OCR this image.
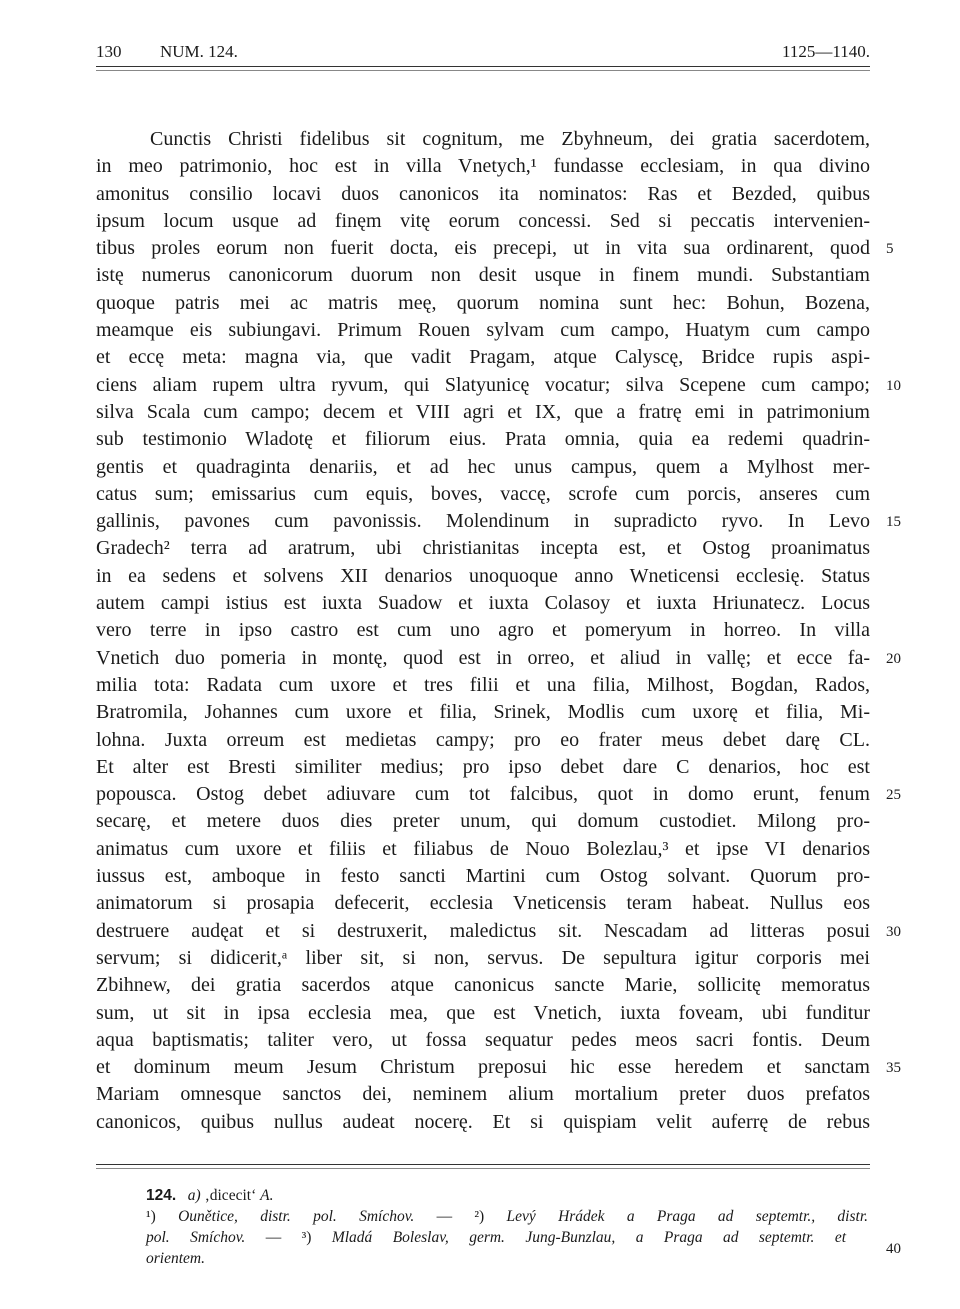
130 NUM. 124.	1125—1140.
Cunctis Christi fidelibus sit cognitum, me Zbyhneum, dei gratia sacerdotem,
in meo patrimonio, hoc est in villa Vnetych,¹ fundasse ecclesiam, in qua divino
amonitus consilio locavi duos canonicos ita nominatos: Ras et Bezded, quibus
ipsum locum usque ad finęm vitę eorum concessi. Sed si peccatis intervenien-
tibus proles eorum non fuerit docta, eis precepi, ut in vita sua ordinarent, quod
istę numerus canonicorum duorum non desit usque in finem mundi. Substantiam
quoque patris mei ac matris meę, quorum nomina sunt hec: Bohun, Bozena,
meamque eis subiungavi. Primum Rouen sylvam cum campo, Huatym cum campo
et eccę meta: magna via, que vadit Pragam, atque Calyscę, Bridce rupis aspi-
ciens aliam rupem ultra ryvum, qui Slatyunicę vocatur; silva Scepene cum campo;
silva Scala cum campo; decem et VIII agri et IX, que a fratrę emi in patrimonium
sub testimonio Wladotę et filiorum eius. Prata omnia, quia ea redemi quadrin-
gentis et quadraginta denariis, et ad hec unus campus, quem a Mylhost mer-
catus sum; emissarius cum equis, boves, vaccę, scrofe cum porcis, anseres cum
gallinis, pavones cum pavonissis. Molendinum in supradicto ryvo. In Levo
Gradech² terra ad aratrum, ubi christianitas incepta est, et Ostog proanimatus
in ea sedens et solvens XII denarios unoquoque anno Wneticensi ecclesię. Status
autem campi istius est iuxta Suadow et iuxta Colasoy et iuxta Hriunatecz. Locus
vero terre in ipso castro est cum uno agro et pomeryum in horreo. In villa
Vnetich duo pomeria in montę, quod est in orreo, et aliud in vallę; et ecce fa-
milia tota: Radata cum uxore et tres filii et una filia, Milhost, Bogdan, Rados,
Bratromila, Johannes cum uxore et filia, Srinek, Modlis cum uxorę et filia, Mi-
lohna. Juxta orreum est medietas campy; pro eo frater meus debet darę CL.
Et alter est Bresti similiter medius; pro ipso debet dare C denarios, hoc est
popousca. Ostog debet adiuvare cum tot falcibus, quot in domo erunt, fenum
secarę, et metere duos dies preter unum, qui domum custodiet. Milong pro-
animatus cum uxore et filiis et filiabus de Nouo Bolezlau,³ et ipse VI denarios
iussus est, amboque in festo sancti Martini cum Ostog solvant. Quorum pro-
animatorum si prosapia defecerit, ecclesia Vneticensis teram habeat. Nullus eos
destruere audęat et si destruxerit, maledictus sit. Nescadam ad litteras posui
servum; si didicerit,ᵃ liber sit, si non, servus. De sepultura igitur corporis mei
Zbihnew, dei gratia sacerdos atque canonicus sancte Marie, sollicitę memoratus
sum, ut sit in ipsa ecclesia mea, que est Vnetich, iuxta foveam, ubi funditur
aqua baptismatis; taliter vero, ut fossa sequatur pedes meos sacri fontis. Deum
et dominum meum Jesum Christum preposui hic esse heredem et sanctam
Mariam omnesque sanctos dei, neminem alium mortalium preter duos prefatos
canonicos, quibus nullus audeat nocerę. Et si quispiam velit auferrę de rebus
5
10
15
20
25
30
35
124. a) ‚dicecit‘ A.
¹) Ounětice, distr. pol. Smíchov. — ²) Levý Hrádek a Praga ad septemtr., distr.
pol. Smíchov. — ³) Mladá Boleslav, germ. Jung-Bunzlau, a Praga ad septemtr. et
orientem.
40
